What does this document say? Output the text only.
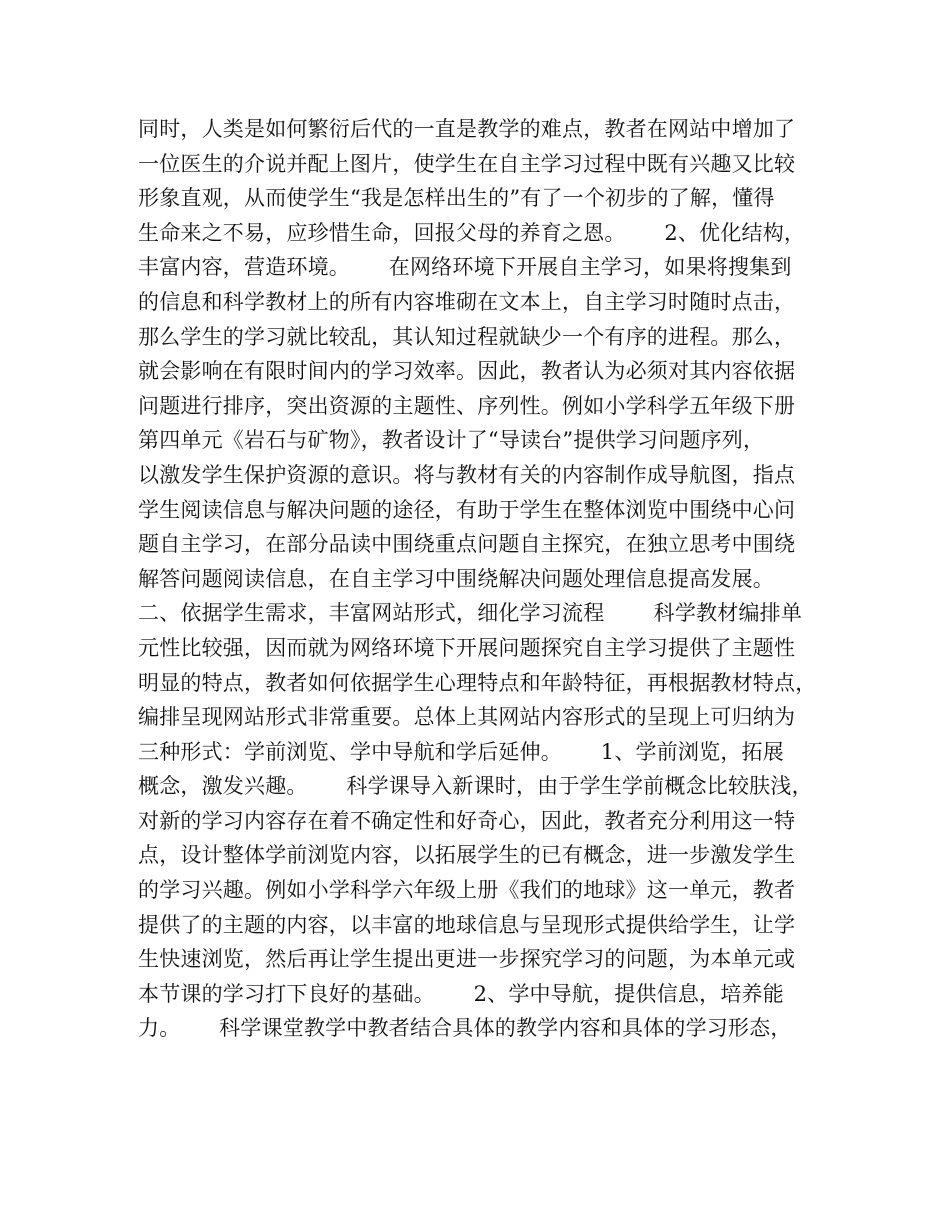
同时，人类是如何繁衍后代的一直是教学的难点，教者在网站中增加了
一位医生的介说并配上图片，使学生在自主学习过程中既有兴趣又比较
形象直观，从而使学生“我是怎样出生的”有了一个初步的了解，懂得
生命来之不易，应珍惜生命，回报父母的养育之恩。　　 2、优化结构，
丰富内容，营造环境。　　 在网络环境下开展自主学习，如果将搜集到
的信息和科学教材上的所有内容堆砌在文本上，自主学习时随时点击，
那么学生的学习就比较乱，其认知过程就缺少一个有序的进程。那么，
就会影响在有限时间内的学习效率。因此，教者认为必须对其内容依据
问题进行排序，突出资源的主题性、序列性。例如小学科学五年级下册
第四单元《岩石与矿物》，教者设计了“导读台”提供学习问题序列，
以激发学生保护资源的意识。将与教材有关的内容制作成导航图，指点
学生阅读信息与解决问题的途径，有助于学生在整体浏览中围绕中心问
题自主学习，在部分品读中围绕重点问题自主探究，在独立思考中围绕
解答问题阅读信息，在自主学习中围绕解决问题处理信息提高发展。
二、依据学生需求，丰富网站形式，细化学习流程　　 科学教材编排单
元性比较强，因而就为网络环境下开展问题探究自主学习提供了主题性
明显的特点，教者如何依据学生心理特点和年龄特征，再根据教材特点，
编排呈现网站形式非常重要。总体上其网站内容形式的呈现上可归纳为
三种形式：学前浏览、学中导航和学后延伸。　　 1、学前浏览，拓展
概念，激发兴趣。　　 科学课导入新课时，由于学生学前概念比较肤浅，
对新的学习内容存在着不确定性和好奇心，因此，教者充分利用这一特
点，设计整体学前浏览内容，以拓展学生的已有概念，进一步激发学生
的学习兴趣。例如小学科学六年级上册《我们的地球》这一单元，教者
提供了的主题的内容，以丰富的地球信息与呈现形式提供给学生，让学
生快速浏览，然后再让学生提出更进一步探究学习的问题，为本单元或
本节课的学习打下良好的基础。　　 2、学中导航，提供信息，培养能
力。　　 科学课堂教学中教者结合具体的教学内容和具体的学习形态，
